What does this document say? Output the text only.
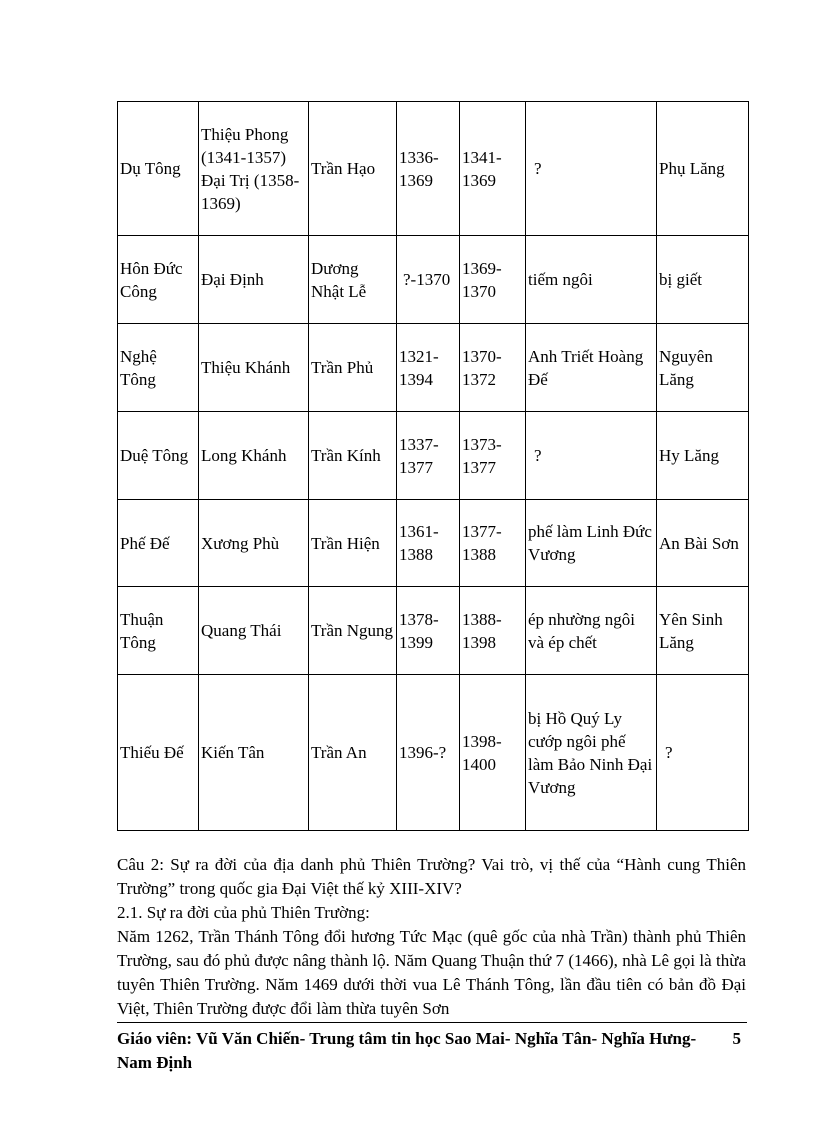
Dụ Tông	Thiệu Phong (1341-1357) Đại Trị (1358-1369)	Trần Hạo	1336-1369	1341-1369	?	Phụ Lăng
Hôn Đức Công	Đại Định	Dương Nhật Lễ	?-1370	1369-1370	tiếm ngôi	bị giết
Nghệ Tông	Thiệu Khánh	Trần Phủ	1321-1394	1370-1372	Anh Triết Hoàng Đế	Nguyên Lăng
Duệ Tông	Long Khánh	Trần Kính	1337-1377	1373-1377	?	Hy Lăng
Phế Đế	Xương Phù	Trần Hiện	1361-1388	1377-1388	phế làm Linh Đức Vương	An Bài Sơn
Thuận Tông	Quang Thái	Trần Ngung	1378-1399	1388-1398	ép nhường ngôi và ép chết	Yên Sinh Lăng
Thiếu Đế	Kiến Tân	Trần An	1396-?	1398-1400	bị Hồ Quý Ly cướp ngôi phế làm Bảo Ninh Đại Vương	?

Câu 2: Sự ra đời của địa danh phủ Thiên Trường? Vai trò, vị thế của “Hành cung Thiên Trường” trong quốc gia Đại Việt thế kỷ XIII-XIV?

2.1. Sự ra đời của phủ Thiên Trường:

Năm 1262, Trần Thánh Tông đổi hương Tức Mạc (quê gốc của nhà Trần) thành phủ Thiên Trường, sau đó phủ được nâng thành lộ. Năm Quang Thuận thứ 7 (1466), nhà Lê gọi là thừa tuyên Thiên Trường. Năm 1469 dưới thời vua Lê Thánh Tông, lần đầu tiên có bản đồ Đại Việt, Thiên Trường được đổi làm thừa tuyên Sơn

Giáo viên: Vũ Văn Chiến- Trung tâm tin học Sao Mai- Nghĩa Tân- Nghĩa Hưng- Nam Định
5
